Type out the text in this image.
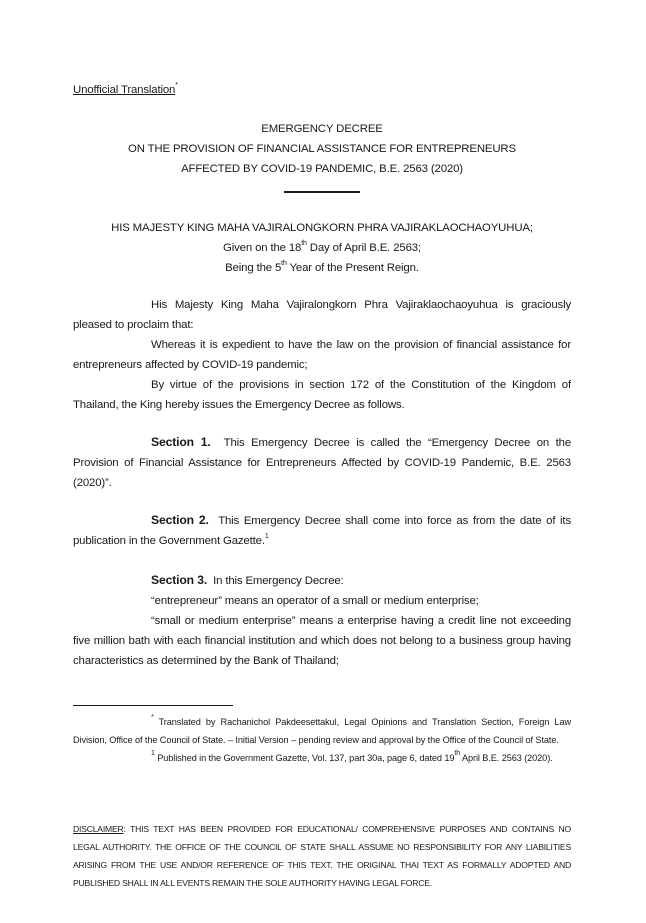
Unofficial Translation*
EMERGENCY DECREE
ON THE PROVISION OF FINANCIAL ASSISTANCE FOR ENTREPRENEURS
AFFECTED BY COVID-19 PANDEMIC, B.E. 2563 (2020)
HIS MAJESTY KING MAHA VAJIRALONGKORN PHRA VAJIRAKLAOCHAOYUHUA;
Given on the 18th Day of April B.E. 2563;
Being the 5th Year of the Present Reign.
His Majesty King Maha Vajiralongkorn Phra Vajiraklaochaoyuhua is graciously pleased to proclaim that:
Whereas it is expedient to have the law on the provision of financial assistance for entrepreneurs affected by COVID-19 pandemic;
By virtue of the provisions in section 172 of the Constitution of the Kingdom of Thailand, the King hereby issues the Emergency Decree as follows.
Section 1. This Emergency Decree is called the “Emergency Decree on the Provision of Financial Assistance for Entrepreneurs Affected by COVID-19 Pandemic, B.E. 2563 (2020)”.
Section 2. This Emergency Decree shall come into force as from the date of its publication in the Government Gazette.$^1$
Section 3. In this Emergency Decree:
“entrepreneur” means an operator of a small or medium enterprise;
“small or medium enterprise” means a enterprise having a credit line not exceeding five million bath with each financial institution and which does not belong to a business group having characteristics as determined by the Bank of Thailand;
* Translated by Rachanichol Pakdeesettakul, Legal Opinions and Translation Section, Foreign Law Division, Office of the Council of State. – Initial Version – pending review and approval by the Office of the Council of State.
$^1$ Published in the Government Gazette, Vol. 137, part 30a, page 6, dated 19th April B.E. 2563 (2020).
DISCLAIMER: THIS TEXT HAS BEEN PROVIDED FOR EDUCATIONAL/ COMPREHENSIVE PURPOSES AND CONTAINS NO LEGAL AUTHORITY. THE OFFICE OF THE COUNCIL OF STATE SHALL ASSUME NO RESPONSIBILITY FOR ANY LIABILITIES ARISING FROM THE USE AND/OR REFERENCE OF THIS TEXT. THE ORIGINAL THAI TEXT AS FORMALLY ADOPTED AND PUBLISHED SHALL IN ALL EVENTS REMAIN THE SOLE AUTHORITY HAVING LEGAL FORCE.
